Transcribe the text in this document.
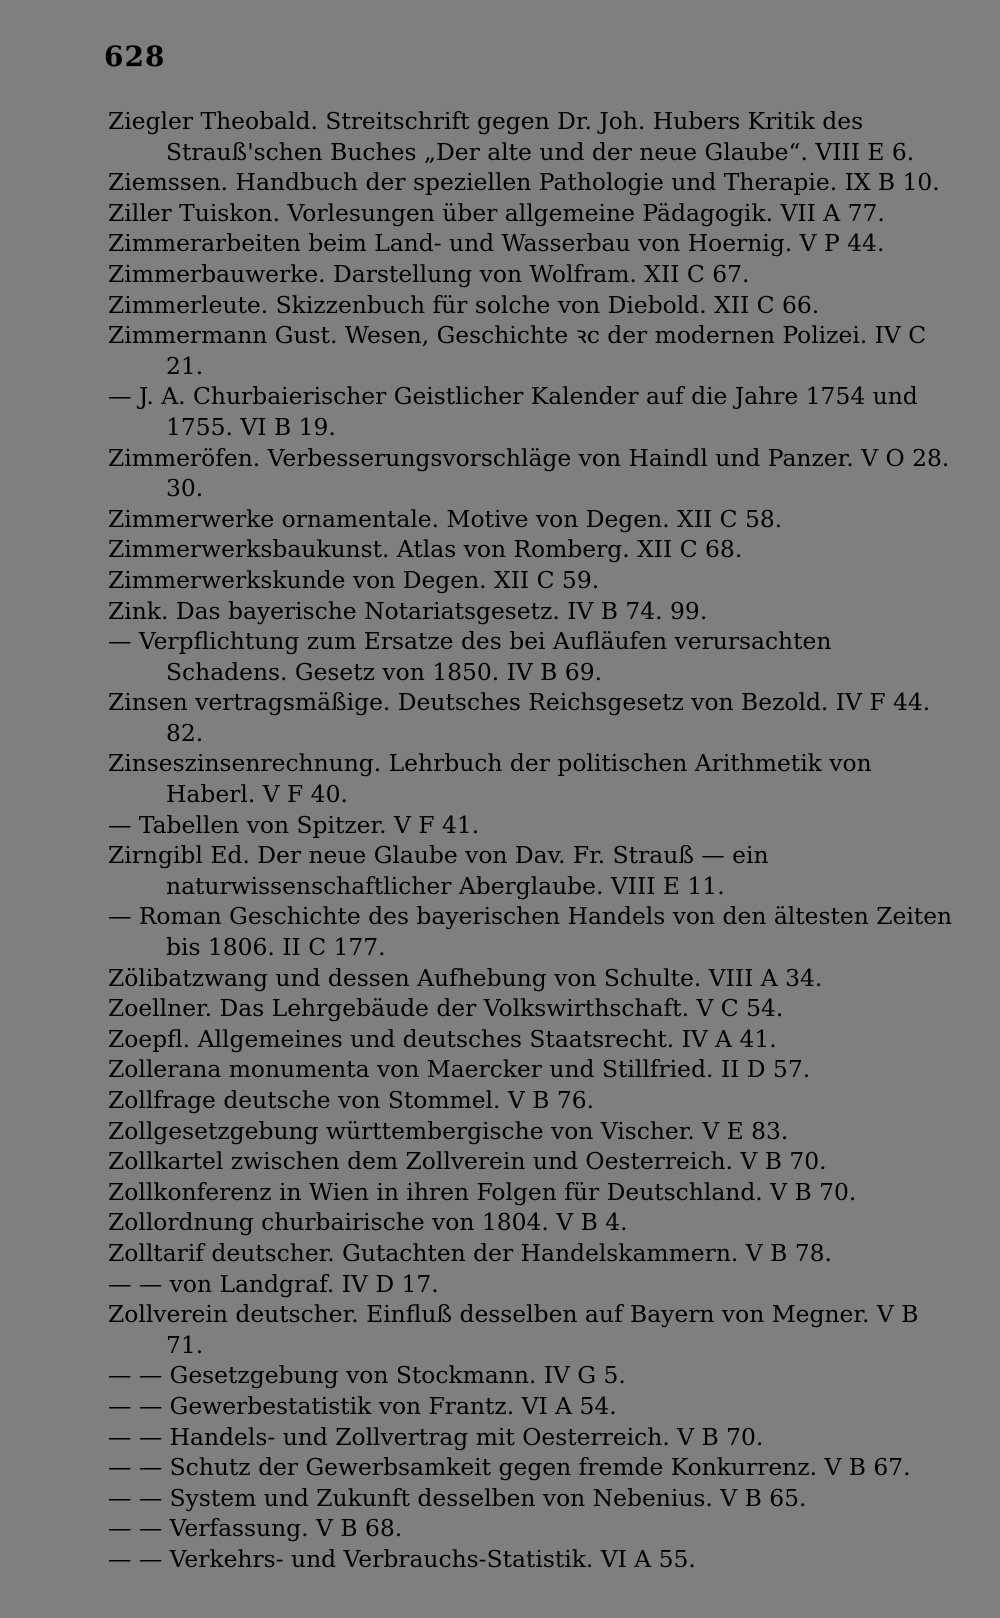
628
Ziegler Theobald. Streitschrift gegen Dr. Joh. Hubers Kritik des Strauß'schen Buches „Der alte und der neue Glaube“. VIII E 6.
Ziemssen. Handbuch der speziellen Pathologie und Therapie. IX B 10.
Ziller Tuiskon. Vorlesungen über allgemeine Pädagogik. VII A 77.
Zimmerarbeiten beim Land- und Wasserbau von Hoernig. V P 44.
Zimmerbauwerke. Darstellung von Wolfram. XII C 67.
Zimmerleute. Skizzenbuch für solche von Diebold. XII C 66.
Zimmermann Gust. Wesen, Geschichte ꝛc der modernen Polizei. IV C 21.
— J. A. Churbaierischer Geistlicher Kalender auf die Jahre 1754 und 1755. VI B 19.
Zimmeröfen. Verbesserungsvorschläge von Haindl und Panzer. V O 28. 30.
Zimmerwerke ornamentale. Motive von Degen. XII C 58.
Zimmerwerksbaukunst. Atlas von Romberg. XII C 68.
Zimmerwerkskunde von Degen. XII C 59.
Zink. Das bayerische Notariatsgesetz. IV B 74. 99.
— Verpflichtung zum Ersatze des bei Aufläufen verursachten Schadens. Gesetz von 1850. IV B 69.
Zinsen vertragsmäßige. Deutsches Reichsgesetz von Bezold. IV F 44. 82.
Zinseszinsenrechnung. Lehrbuch der politischen Arithmetik von Haberl. V F 40.
— Tabellen von Spitzer. V F 41.
Zirngibl Ed. Der neue Glaube von Dav. Fr. Strauß — ein naturwissenschaftlicher Aberglaube. VIII E 11.
— Roman Geschichte des bayerischen Handels von den ältesten Zeiten bis 1806. II C 177.
Zölibatzwang und dessen Aufhebung von Schulte. VIII A 34.
Zoellner. Das Lehrgebäude der Volkswirthschaft. V C 54.
Zoepfl. Allgemeines und deutsches Staatsrecht. IV A 41.
Zollerana monumenta von Maercker und Stillfried. II D 57.
Zollfrage deutsche von Stommel. V B 76.
Zollgesetzgebung württembergische von Vischer. V E 83.
Zollkartel zwischen dem Zollverein und Oesterreich. V B 70.
Zollkonferenz in Wien in ihren Folgen für Deutschland. V B 70.
Zollordnung churbairische von 1804. V B 4.
Zolltarif deutscher. Gutachten der Handelskammern. V B 78.
— — von Landgraf. IV D 17.
Zollverein deutscher. Einfluß desselben auf Bayern von Megner. V B 71.
— — Gesetzgebung von Stockmann. IV G 5.
— — Gewerbestatistik von Frantz. VI A 54.
— — Handels- und Zollvertrag mit Oesterreich. V B 70.
— — Schutz der Gewerbsamkeit gegen fremde Konkurrenz. V B 67.
— — System und Zukunft desselben von Nebenius. V B 65.
— — Verfassung. V B 68.
— — Verkehrs- und Verbrauchs-Statistik. VI A 55.
